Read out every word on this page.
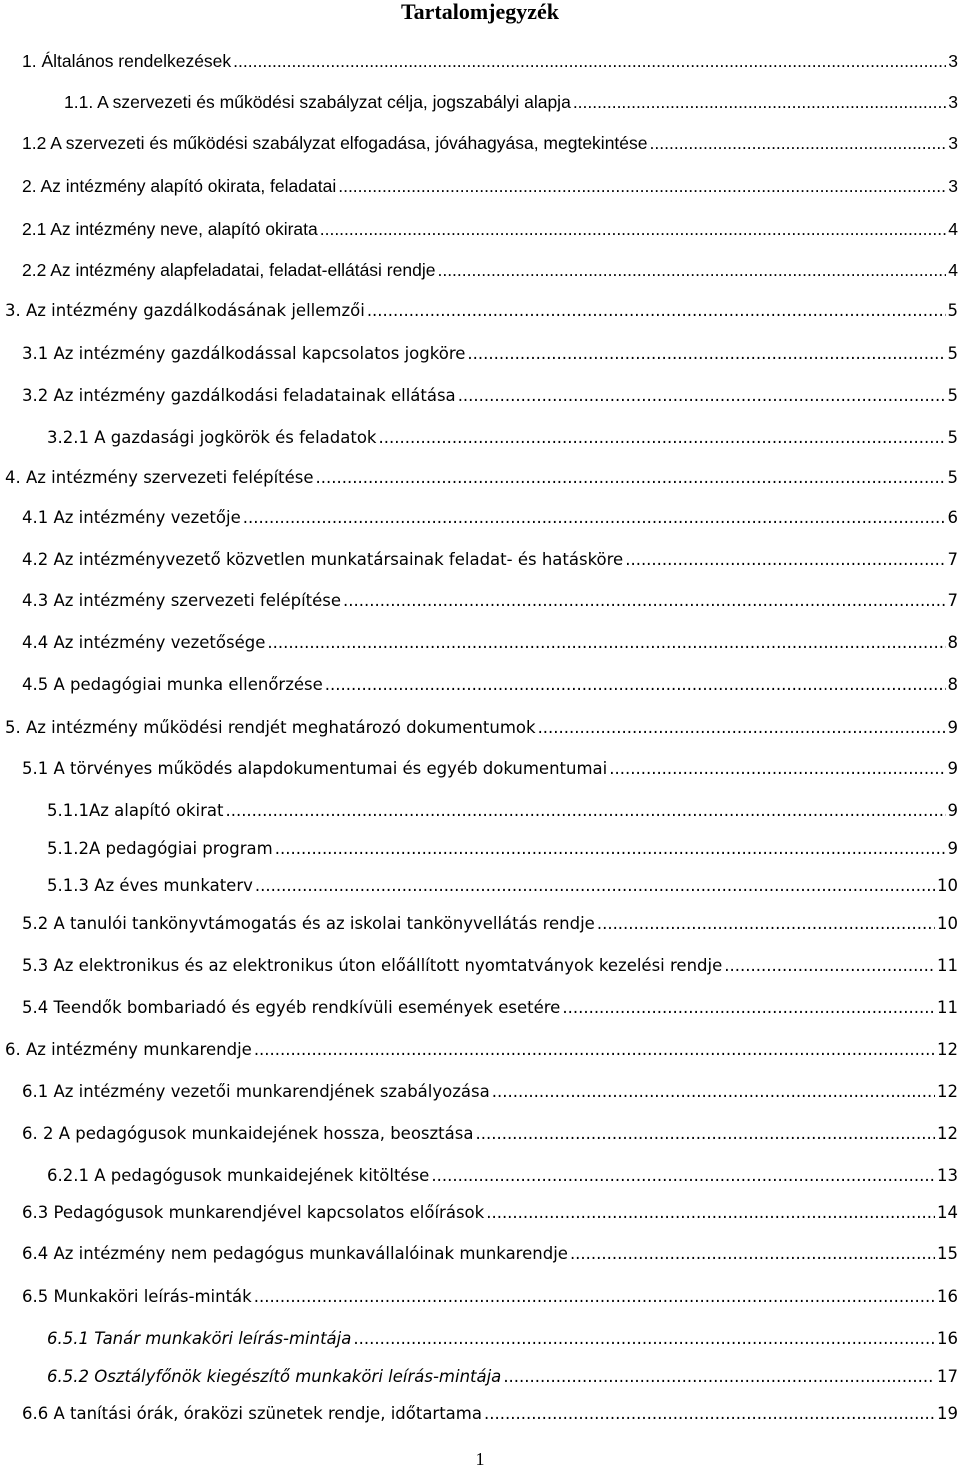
Tartalomjegyzék
1. Általános rendelkezések .....	3
1.1. A szervezeti és működési szabályzat célja, jogszabályi alapja .....	3
1.2 A szervezeti és működési szabályzat elfogadása, jóváhagyása, megtekintése .....	3
2. Az intézmény alapító okirata, feladatai .....	3
2.1 Az intézmény neve, alapító okirata .....	4
2.2 Az intézmény alapfeladatai, feladat-ellátási rendje .....	4
3. Az intézmény gazdálkodásának jellemzői .....	5
3.1 Az intézmény gazdálkodással kapcsolatos jogköre .....	5
3.2 Az intézmény gazdálkodási feladatainak ellátása .....	5
3.2.1 A gazdasági jogkörök és feladatok .....	5
4. Az intézmény szervezeti felépítése .....	5
4.1 Az intézmény vezetője .....	6
4.2 Az intézményvezető közvetlen munkatársainak feladat- és hatásköre .....	7
4.3 Az intézmény szervezeti felépítése .....	7
4.4 Az intézmény vezetősége .....	8
4.5 A pedagógiai munka ellenőrzése .....	8
5. Az intézmény működési rendjét meghatározó dokumentumok .....	9
5.1 A törvényes működés alapdokumentumai és egyéb dokumentumai .....	9
5.1.1Az alapító okirat .....	9
5.1.2A pedagógiai program .....	9
5.1.3 Az éves munkaterv .....	10
5.2 A tanulói tankönyvtámogatás és az iskolai tankönyvellátás rendje .....	10
5.3 Az elektronikus és az elektronikus úton előállított nyomtatványok kezelési rendje .....	11
5.4 Teendők bombariadó és egyéb rendkívüli események esetére .....	11
6. Az intézmény munkarendje .....	12
6.1 Az intézmény vezetői munkarendjének szabályozása .....	12
6. 2 A pedagógusok munkaidejének hossza, beosztása .....	12
6.2.1 A pedagógusok munkaidejének kitöltése .....	13
6.3 Pedagógusok munkarendjével kapcsolatos előírások .....	14
6.4 Az intézmény nem pedagógus munkavállalóinak munkarendje .....	15
6.5 Munkaköri leírás-minták .....	16
6.5.1 Tanár munkaköri leírás-mintája .....	16
6.5.2 Osztályfőnök kiegészítő munkaköri leírás-mintája .....	17
6.6 A tanítási órák, óraközi szünetek rendje, időtartama .....	19
1
